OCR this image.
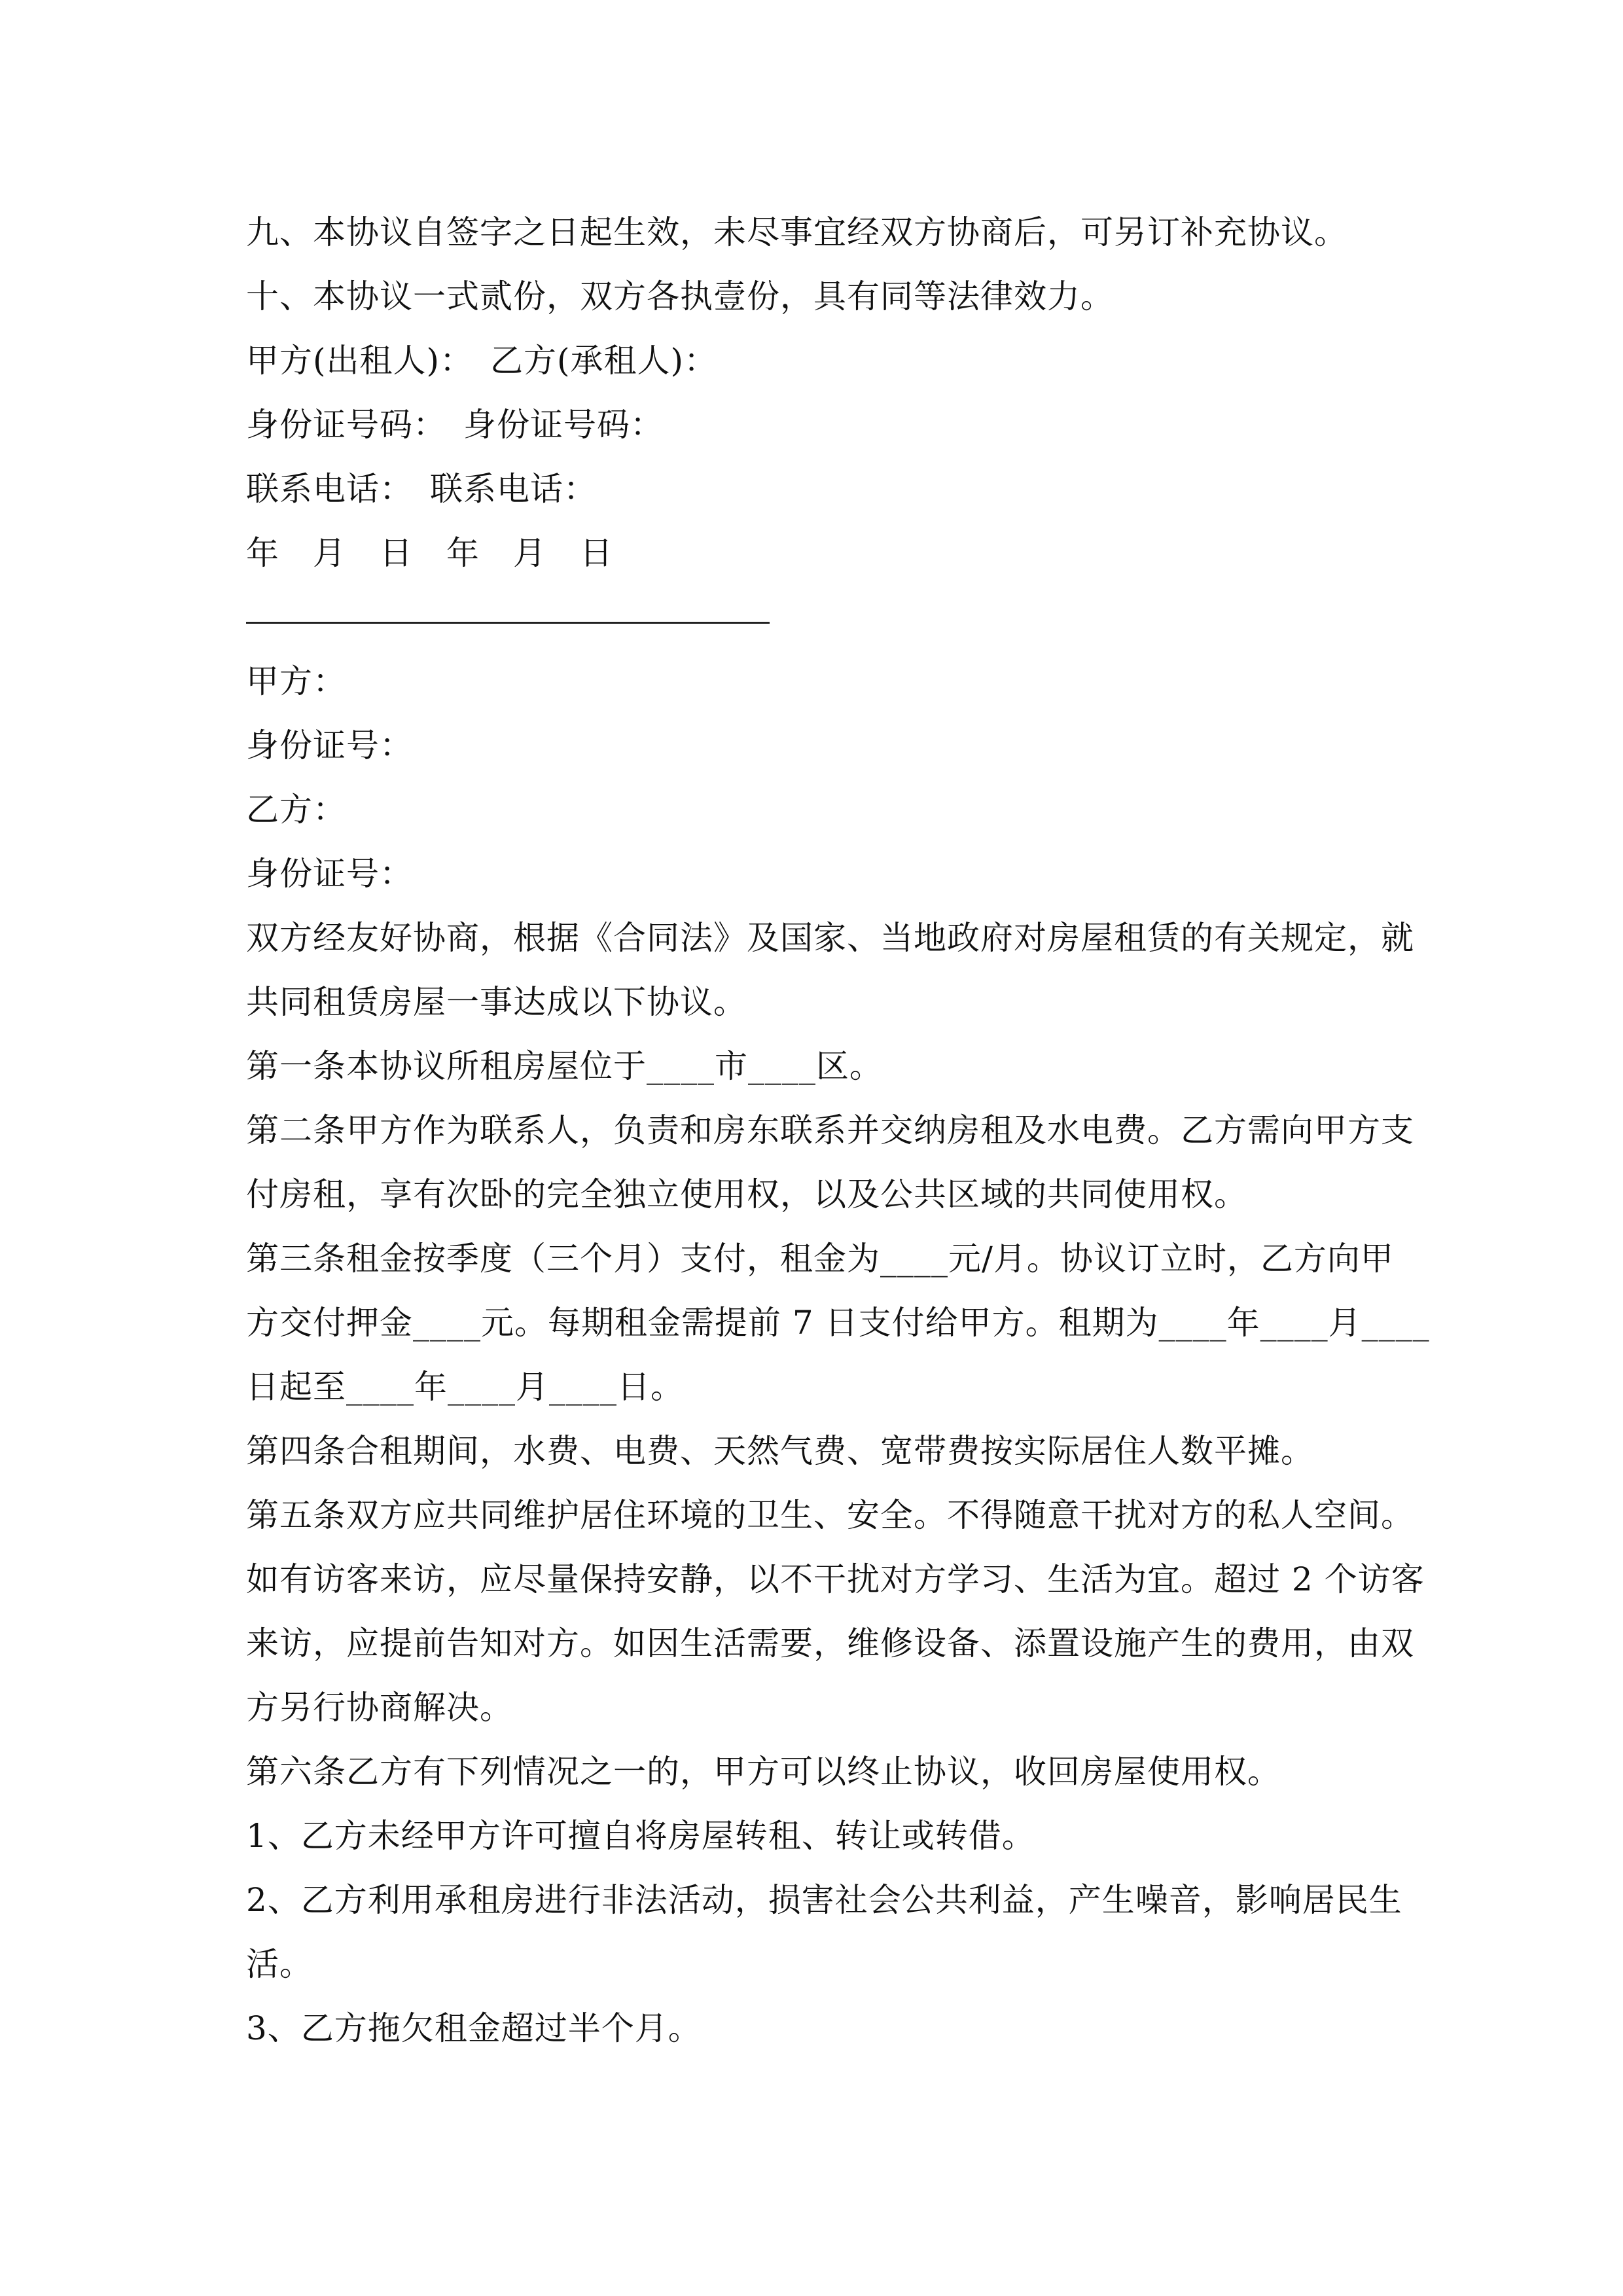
九、本协议自签字之日起生效，未尽事宜经双方协商后，可另订补充协议。
十、本协议一式贰份，双方各执壹份，具有同等法律效力。
甲方(出租人)：　乙方(承租人)：
身份证号码：　身份证号码：
联系电话：　联系电话：
年　月　日　年　月　日
甲方：
身份证号：
乙方：
身份证号：
双方经友好协商，根据《合同法》及国家、当地政府对房屋租赁的有关规定，就
共同租赁房屋一事达成以下协议。
第一条本协议所租房屋位于____市____区。
第二条甲方作为联系人，负责和房东联系并交纳房租及水电费。乙方需向甲方支
付房租，享有次卧的完全独立使用权，以及公共区域的共同使用权。
第三条租金按季度（三个月）支付，租金为____元/月。协议订立时，乙方向甲
方交付押金____元。每期租金需提前 7 日支付给甲方。租期为____年____月____
日起至____年____月____日。
第四条合租期间，水费、电费、天然气费、宽带费按实际居住人数平摊。
第五条双方应共同维护居住环境的卫生、安全。不得随意干扰对方的私人空间。
如有访客来访，应尽量保持安静，以不干扰对方学习、生活为宜。超过 2 个访客
来访，应提前告知对方。如因生活需要，维修设备、添置设施产生的费用，由双
方另行协商解决。
第六条乙方有下列情况之一的，甲方可以终止协议，收回房屋使用权。
1、乙方未经甲方许可擅自将房屋转租、转让或转借。
2、乙方利用承租房进行非法活动，损害社会公共利益，产生噪音，影响居民生
活。
3、乙方拖欠租金超过半个月。
